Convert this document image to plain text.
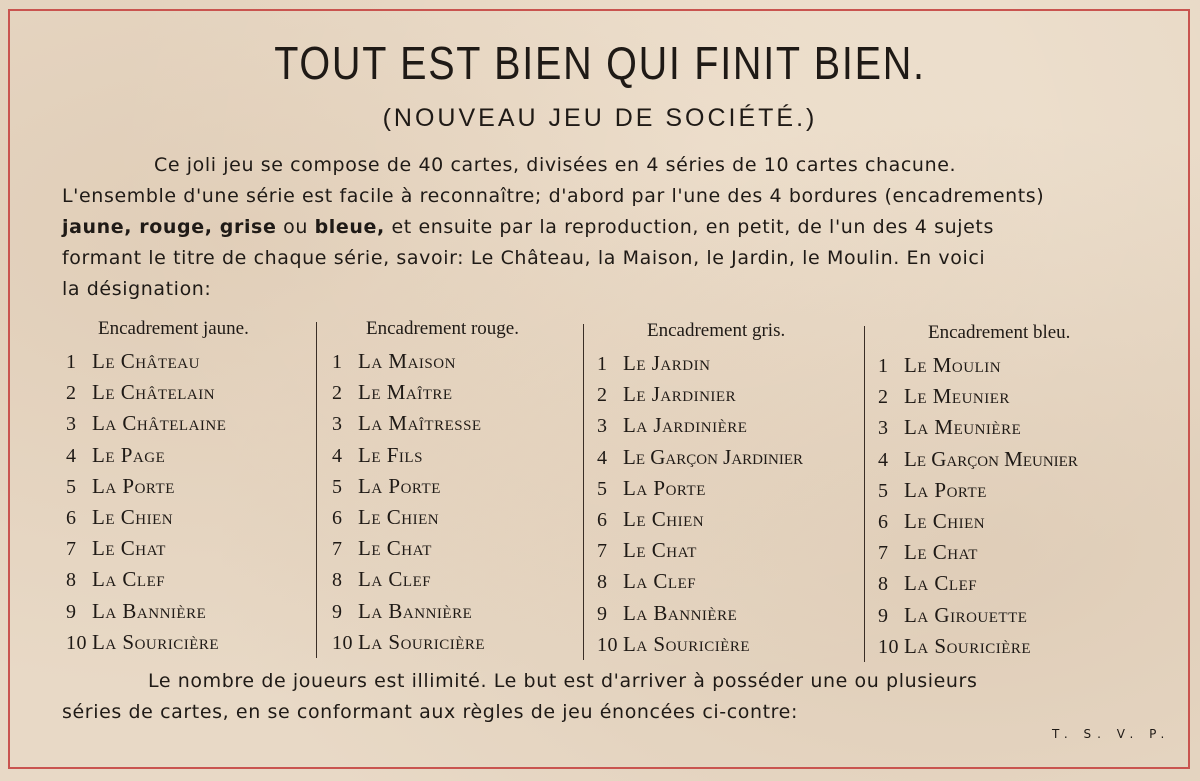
TOUT EST BIEN QUI FINIT BIEN.
(NOUVEAU JEU DE SOCIÉTÉ.)
Ce joli jeu se compose de 40 cartes, divisées en 4 séries de 10 cartes chacune.
L'ensemble d'une série est facile à reconnaître; d'abord par l'une des 4 bordures (encadrements)
jaune, rouge, grise ou bleue, et ensuite par la reproduction, en petit, de l'un des 4 sujets
formant le titre de chaque série, savoir: Le Château, la Maison, le Jardin, le Moulin. En voici
la désignation:
Encadrement jaune.
1 Le Château
2 Le Châtelain
3 La Châtelaine
4 Le Page
5 La Porte
6 Le Chien
7 Le Chat
8 La Clef
9 La Bannière
10 La Souricière
Encadrement rouge.
1 La Maison
2 Le Maître
3 La Maîtresse
4 Le Fils
5 La Porte
6 Le Chien
7 Le Chat
8 La Clef
9 La Bannière
10 La Souricière
Encadrement gris.
1 Le Jardin
2 Le Jardinier
3 La Jardinière
4 Le Garçon Jardinier
5 La Porte
6 Le Chien
7 Le Chat
8 La Clef
9 La Bannière
10 La Souricière
Encadrement bleu.
1 Le Moulin
2 Le Meunier
3 La Meunière
4 Le Garçon Meunier
5 La Porte
6 Le Chien
7 Le Chat
8 La Clef
9 La Girouette
10 La Souricière
Le nombre de joueurs est illimité. Le but est d'arriver à posséder une ou plusieurs
séries de cartes, en se conformant aux règles de jeu énoncées ci-contre:
T. S. V. P.
